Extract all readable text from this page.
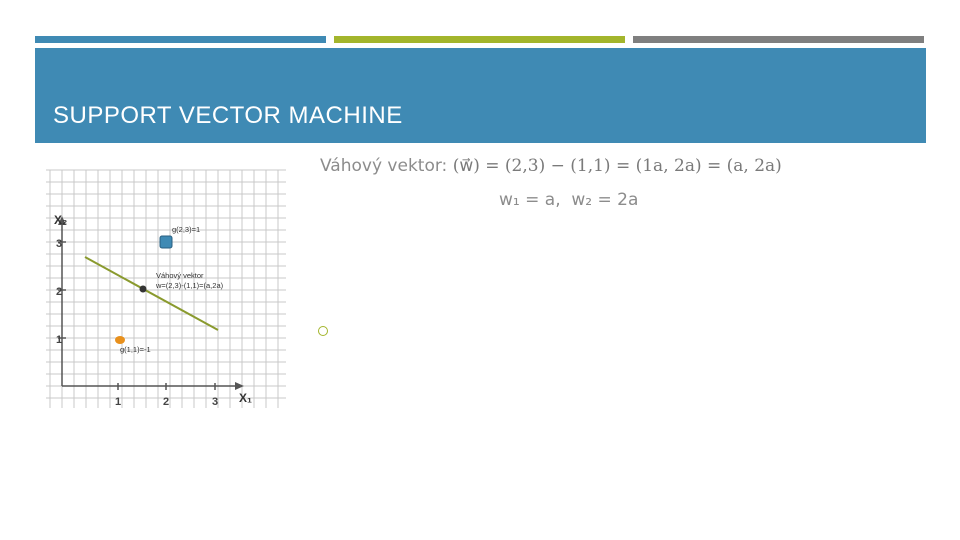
SUPPORT VECTOR MACHINE
X₂
X₁
1	2	3
1
2
3
g(2,3)=1
Váhový vektor
w=(2,3)-(1,1)=(a,2a)
g(1,1)=-1
Váhový vektor: (w⃗) = (2,3) − (1,1) = (1a, 2a) = (a, 2a)
w₁ = a, w₂ = 2a
